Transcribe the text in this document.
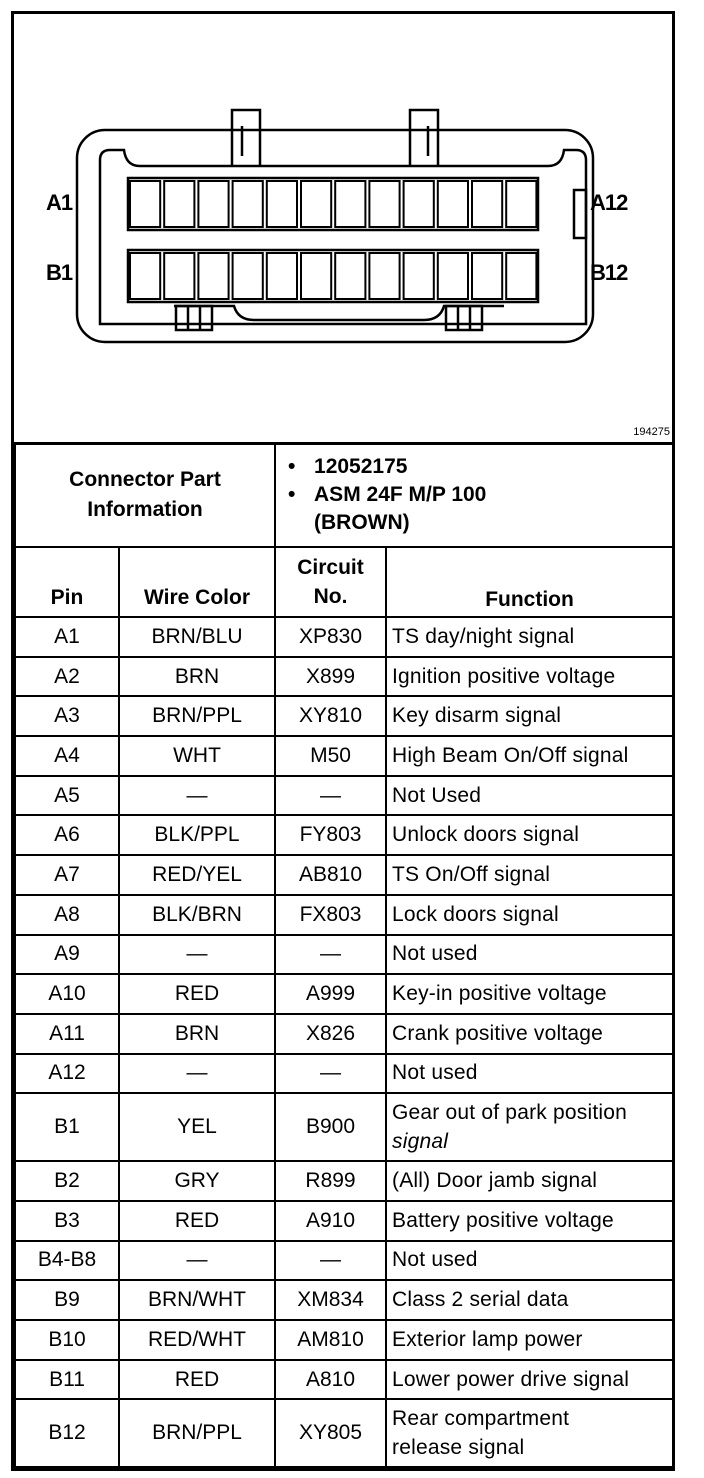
A1	A12
B1	B12
194275
Connector Part Information		• 12052175
• ASM 24F M/P 100 (BROWN)	

Pin	Wire Color	Circuit No.	Function
A1	BRN/BLU	XP830	TS day/night signal
A2	BRN	X899	Ignition positive voltage
A3	BRN/PPL	XY810	Key disarm signal
A4	WHT	M50	High Beam On/Off signal
A5	—	—	Not Used
A6	BLK/PPL	FY803	Unlock doors signal
A7	RED/YEL	AB810	TS On/Off signal
A8	BLK/BRN	FX803	Lock doors signal
A9	—	—	Not used
A10	RED	A999	Key-in positive voltage
A11	BRN	X826	Crank positive voltage
A12	—	—	Not used
B1	YEL	B900	Gear out of park position
signal

B2	GRY	R899	(All) Door jamb signal
B3	RED	A910	Battery positive voltage
B4-B8	—	—	Not used
B9	BRN/WHT	XM834	Class 2 serial data
B10	RED/WHT	AM810	Exterior lamp power
B11	RED	A810	Lower power drive signal
B12	BRN/PPL	XY805	Rear compartment
release signal
